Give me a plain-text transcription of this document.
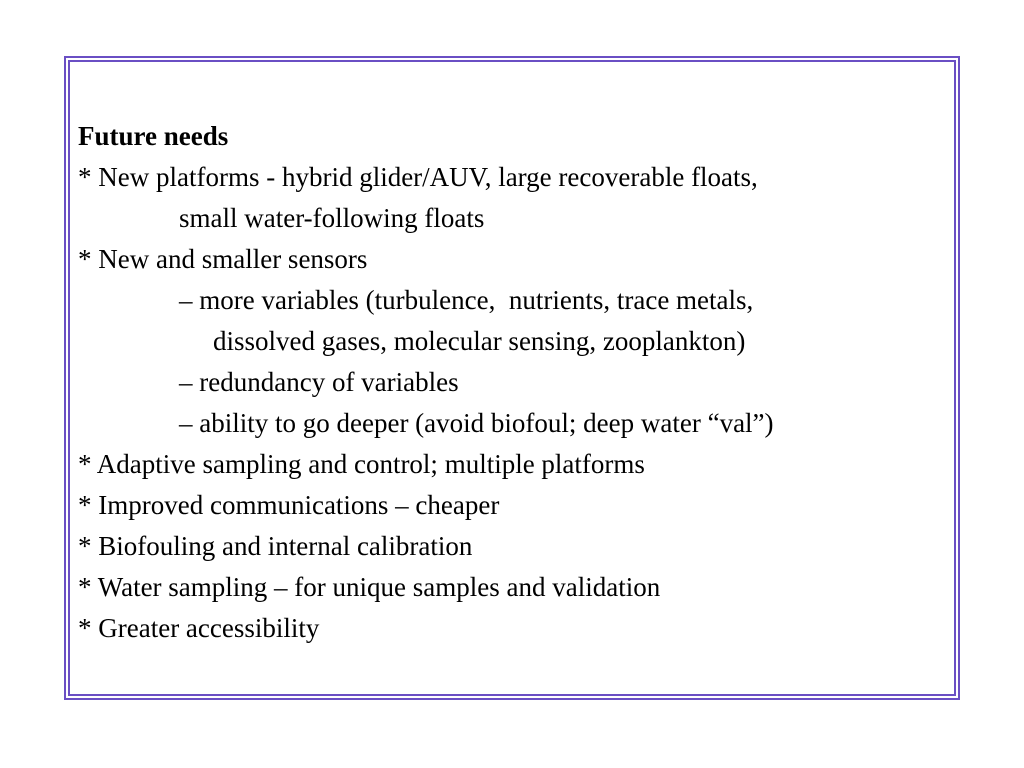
Future needs
* New platforms - hybrid glider/AUV, large recoverable floats,
small water-following floats
* New and smaller sensors
– more variables (turbulence,  nutrients, trace metals,
dissolved gases, molecular sensing, zooplankton)
– redundancy of variables
– ability to go deeper (avoid biofoul; deep water “val”)
* Adaptive sampling and control; multiple platforms
* Improved communications – cheaper
* Biofouling and internal calibration
* Water sampling – for unique samples and validation
* Greater accessibility
